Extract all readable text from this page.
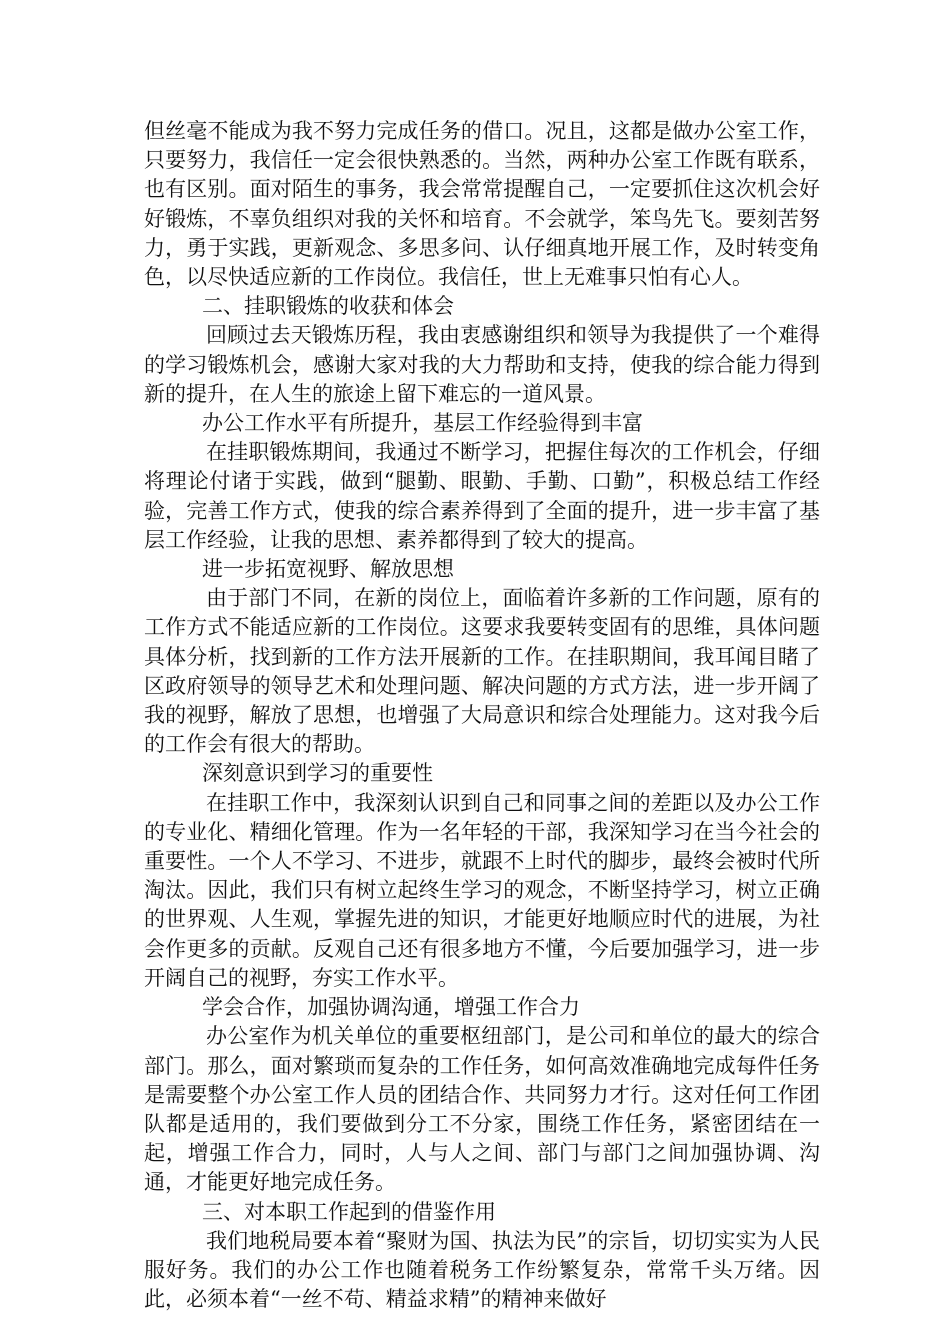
但丝毫不能成为我不努力完成任务的借口。况且，这都是做办公室工作，只要努力，我信任一定会很快熟悉的。当然，两种办公室工作既有联系，也有区别。面对陌生的事务，我会常常提醒自己，一定要抓住这次机会好好锻炼，不辜负组织对我的关怀和培育。不会就学，笨鸟先飞。要刻苦努力，勇于实践，更新观念、多思多问、认仔细真地开展工作，及时转变角色，以尽快适应新的工作岗位。我信任，世上无难事只怕有心人。

二、挂职锻炼的收获和体会

回顾过去天锻炼历程，我由衷感谢组织和领导为我提供了一个难得的学习锻炼机会，感谢大家对我的大力帮助和支持，使我的综合能力得到新的提升，在人生的旅途上留下难忘的一道风景。

办公工作水平有所提升，基层工作经验得到丰富

在挂职锻炼期间，我通过不断学习，把握住每次的工作机会，仔细将理论付诸于实践，做到“腿勤、眼勤、手勤、口勤”，积极总结工作经验，完善工作方式，使我的综合素养得到了全面的提升，进一步丰富了基层工作经验，让我的思想、素养都得到了较大的提高。

进一步拓宽视野、解放思想

由于部门不同，在新的岗位上，面临着许多新的工作问题，原有的工作方式不能适应新的工作岗位。这要求我要转变固有的思维，具体问题具体分析，找到新的工作方法开展新的工作。在挂职期间，我耳闻目睹了区政府领导的领导艺术和处理问题、解决问题的方式方法，进一步开阔了我的视野，解放了思想，也增强了大局意识和综合处理能力。这对我今后的工作会有很大的帮助。

深刻意识到学习的重要性

在挂职工作中，我深刻认识到自己和同事之间的差距以及办公工作的专业化、精细化管理。作为一名年轻的干部，我深知学习在当今社会的重要性。一个人不学习、不进步，就跟不上时代的脚步，最终会被时代所淘汰。因此，我们只有树立起终生学习的观念，不断坚持学习，树立正确的世界观、人生观，掌握先进的知识，才能更好地顺应时代的进展，为社会作更多的贡献。反观自己还有很多地方不懂，今后要加强学习，进一步开阔自己的视野，夯实工作水平。

学会合作，加强协调沟通，增强工作合力

办公室作为机关单位的重要枢纽部门，是公司和单位的最大的综合部门。那么，面对繁琐而复杂的工作任务，如何高效准确地完成每件任务是需要整个办公室工作人员的团结合作、共同努力才行。这对任何工作团队都是适用的，我们要做到分工不分家，围绕工作任务，紧密团结在一起，增强工作合力，同时，人与人之间、部门与部门之间加强协调、沟通，才能更好地完成任务。

三、对本职工作起到的借鉴作用

我们地税局要本着“聚财为国、执法为民”的宗旨，切切实实为人民服好务。我们的办公工作也随着税务工作纷繁复杂，常常千头万绪。因此，必须本着“一丝不苟、精益求精”的精神来做好
